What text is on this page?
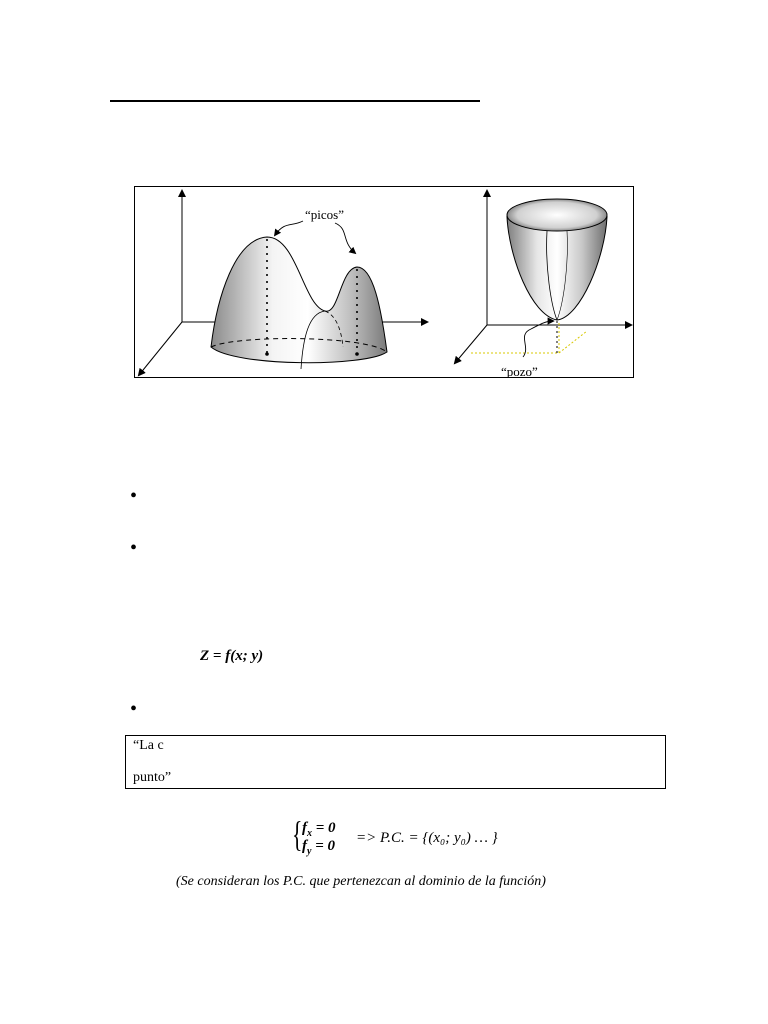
“picos”
“pozo”
•
•
Z = f(x; y)
•
“La c
punto”
{ $f_x = 0$
$f_y = 0 => P.C$. = {(x₀; y₀) … }
(Se consideran los P.C. que pertenezcan al dominio de la función)
